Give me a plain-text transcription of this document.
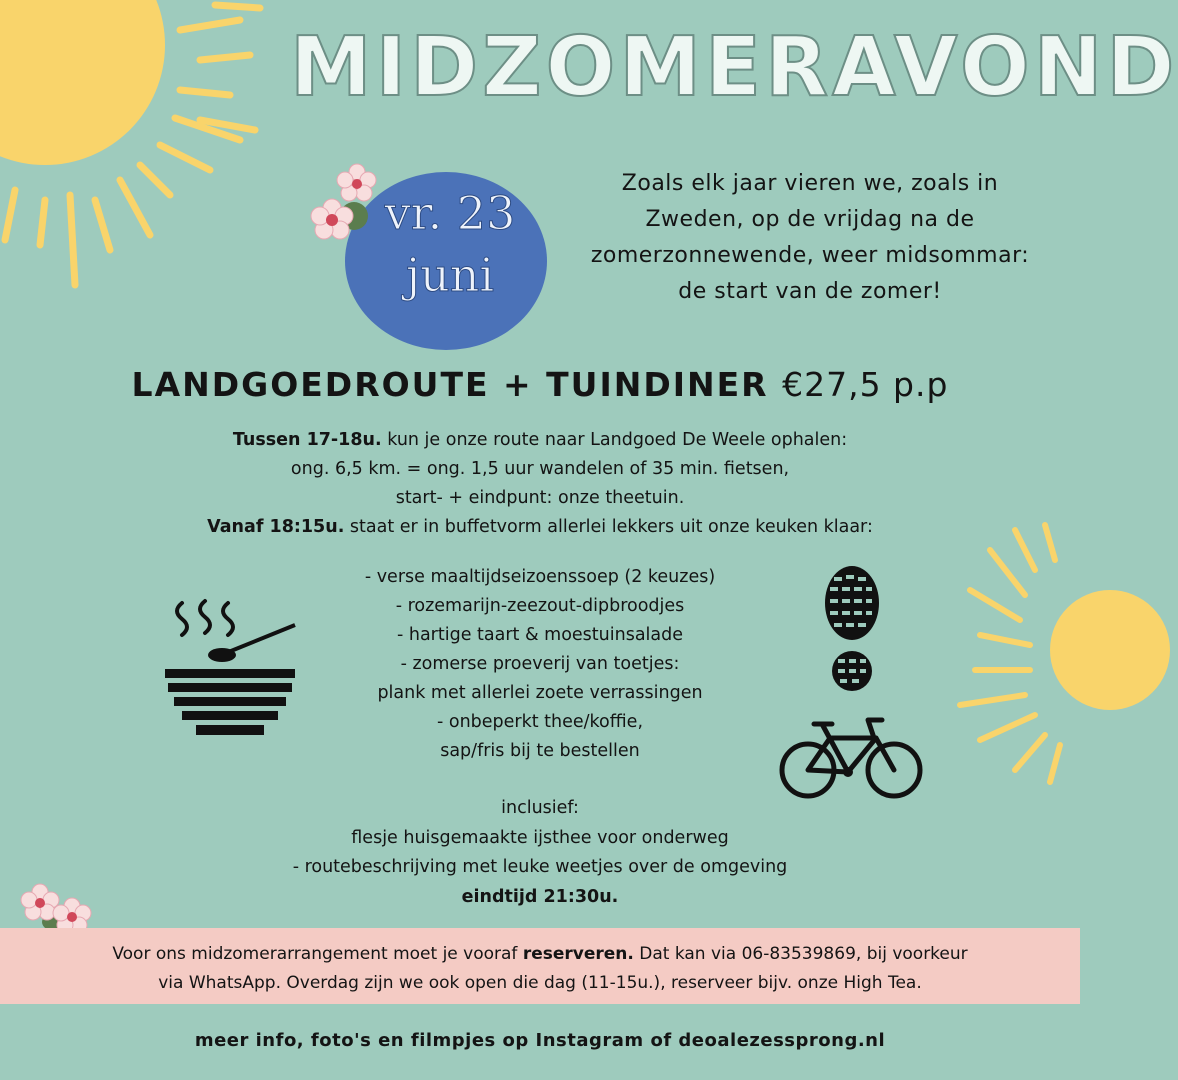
MIDZOMERAVOND
vr. 23
juni
Zoals elk jaar vieren we, zoals in
Zweden, op de vrijdag na de
zomerzonnewende, weer midsommar:
de start van de zomer!
LANDGOEDROUTE + TUINDINER €27,5 p.p
Tussen 17-18u. kun je onze route naar Landgoed De Weele ophalen:
ong. 6,5 km. = ong. 1,5 uur wandelen of 35 min. fietsen,
start- + eindpunt: onze theetuin.
Vanaf 18:15u. staat er in buffetvorm allerlei lekkers uit onze keuken klaar:
- verse maaltijdseizoenssoep (2 keuzes)
- rozemarijn-zeezout-dipbroodjes
- hartige taart & moestuinsalade
- zomerse proeverij van toetjes:
plank met allerlei zoete verrassingen
- onbeperkt thee/koffie,
sap/fris bij te bestellen
inclusief:
flesje huisgemaakte ijsthee voor onderweg
- routebeschrijving met leuke weetjes over de omgeving
eindtijd 21:30u.
Voor ons midzomerarrangement moet je vooraf reserveren. Dat kan via 06-83539869, bij voorkeur
via WhatsApp. Overdag zijn we ook open die dag (11-15u.), reserveer bijv. onze High Tea.
meer info, foto's en filmpjes op Instagram of deoalezessprong.nl
